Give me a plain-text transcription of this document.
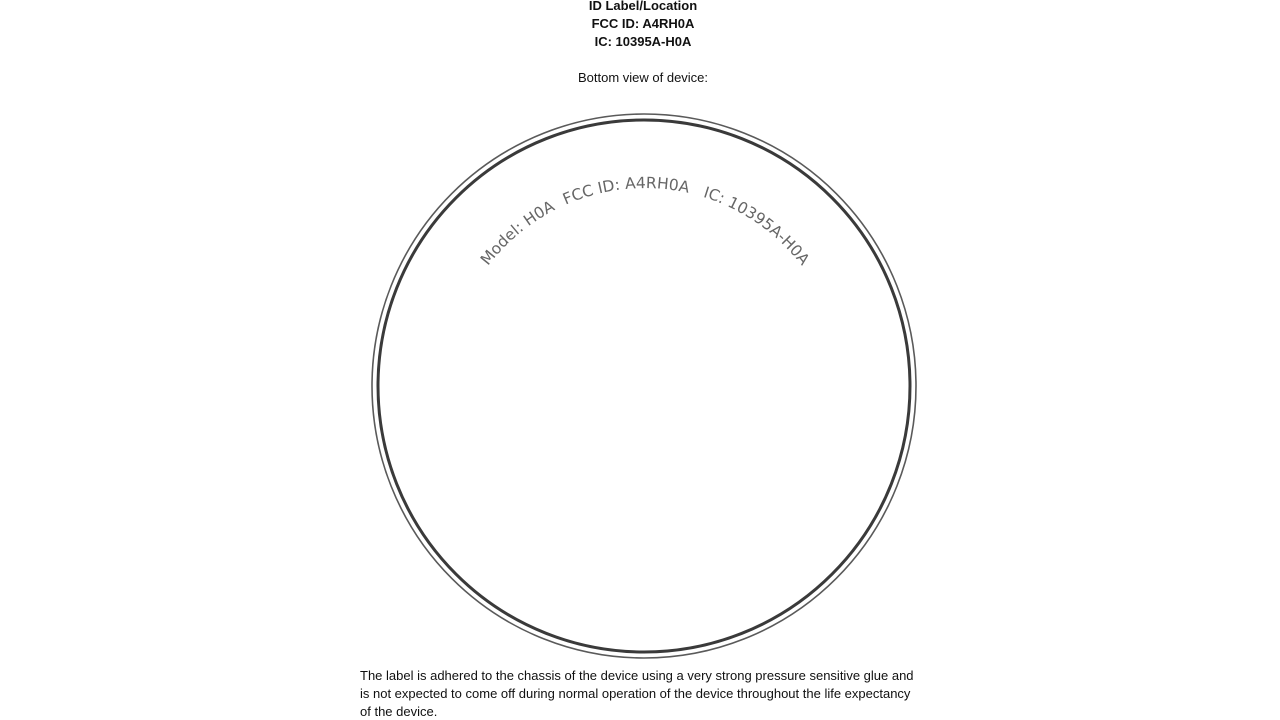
ID Label/Location
FCC ID: A4RH0A
IC: 10395A-H0A
Bottom view of device:
Model: H0A FCC ID: A4RH0A IC: 10395A-H0A

The label is adhered to the chassis of the device using a very strong pressure sensitive glue and is not expected to come off during normal operation of the device throughout the life expectancy of the device.
